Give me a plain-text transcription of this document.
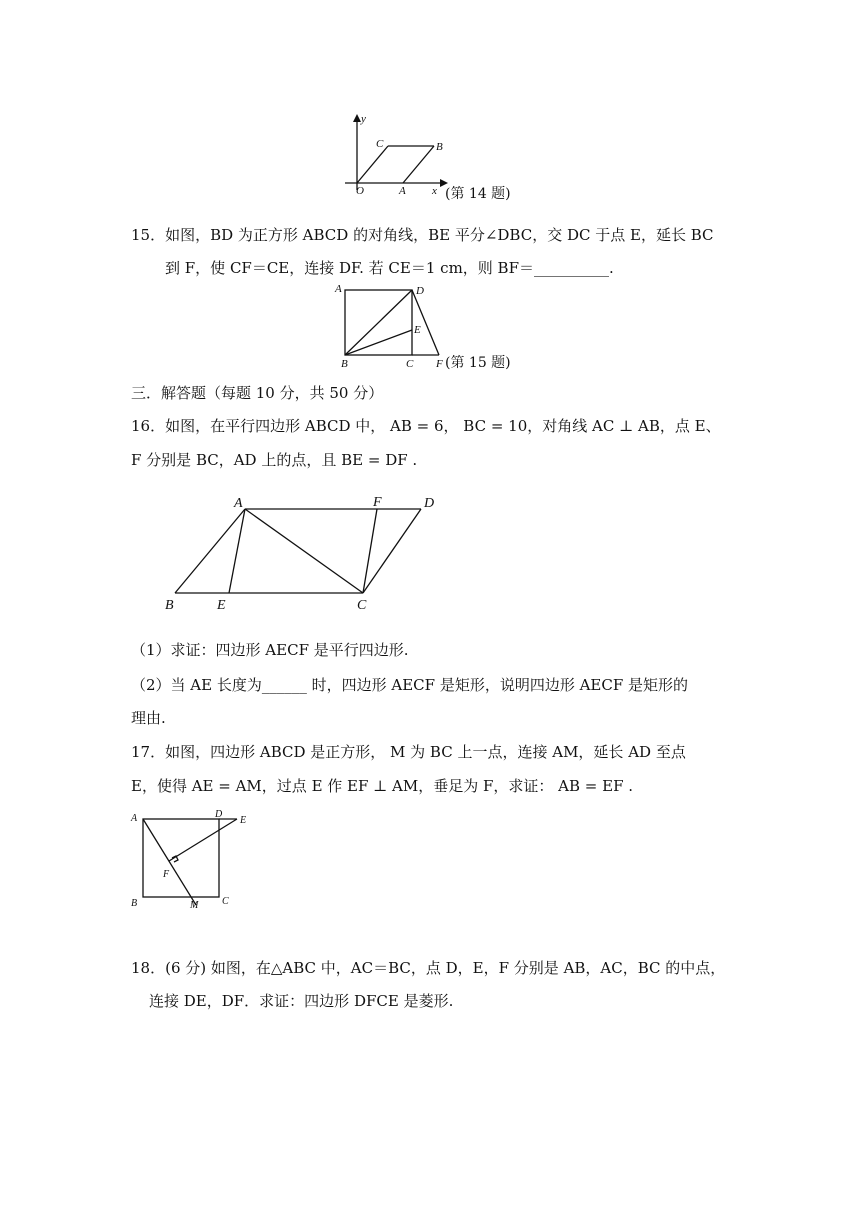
y
C	B
O	A x (第 14 题)
15．如图，BD 为正方形 ABCD 的对角线，BE 平分∠DBC，交 DC 于点 E，延长 BC
到 F，使 CF＝CE，连接 DF. 若 CE＝1 cm，则 BF＝__________.
A	D
E
B	C F (第 15 题)
三．解答题（每题 10 分，共 50 分）
16．如图，在平行四边形 ABCD 中， AB = 6， BC = 10，对角线 AC ⊥ AB，点 E、
F 分别是 BC，AD 上的点，且 BE = DF .
A	F	D
B	E	C
（1）求证：四边形 AECF 是平行四边形.
（2）当 AE 长度为______ 时，四边形 AECF 是矩形，说明四边形 AECF 是矩形的
理由.
17．如图，四边形 ABCD 是正方形， M 为 BC 上一点，连接 AM，延长 AD 至点
E，使得 AE = AM，过点 E 作 EF ⊥ AM，垂足为 F，求证： AB = EF .
A	D
E
F
B	M C
18．(6 分) 如图，在△ABC 中，AC＝BC，点 D，E，F 分别是 AB，AC，BC 的中点，
连接 DE，DF．求证：四边形 DFCE 是菱形.
